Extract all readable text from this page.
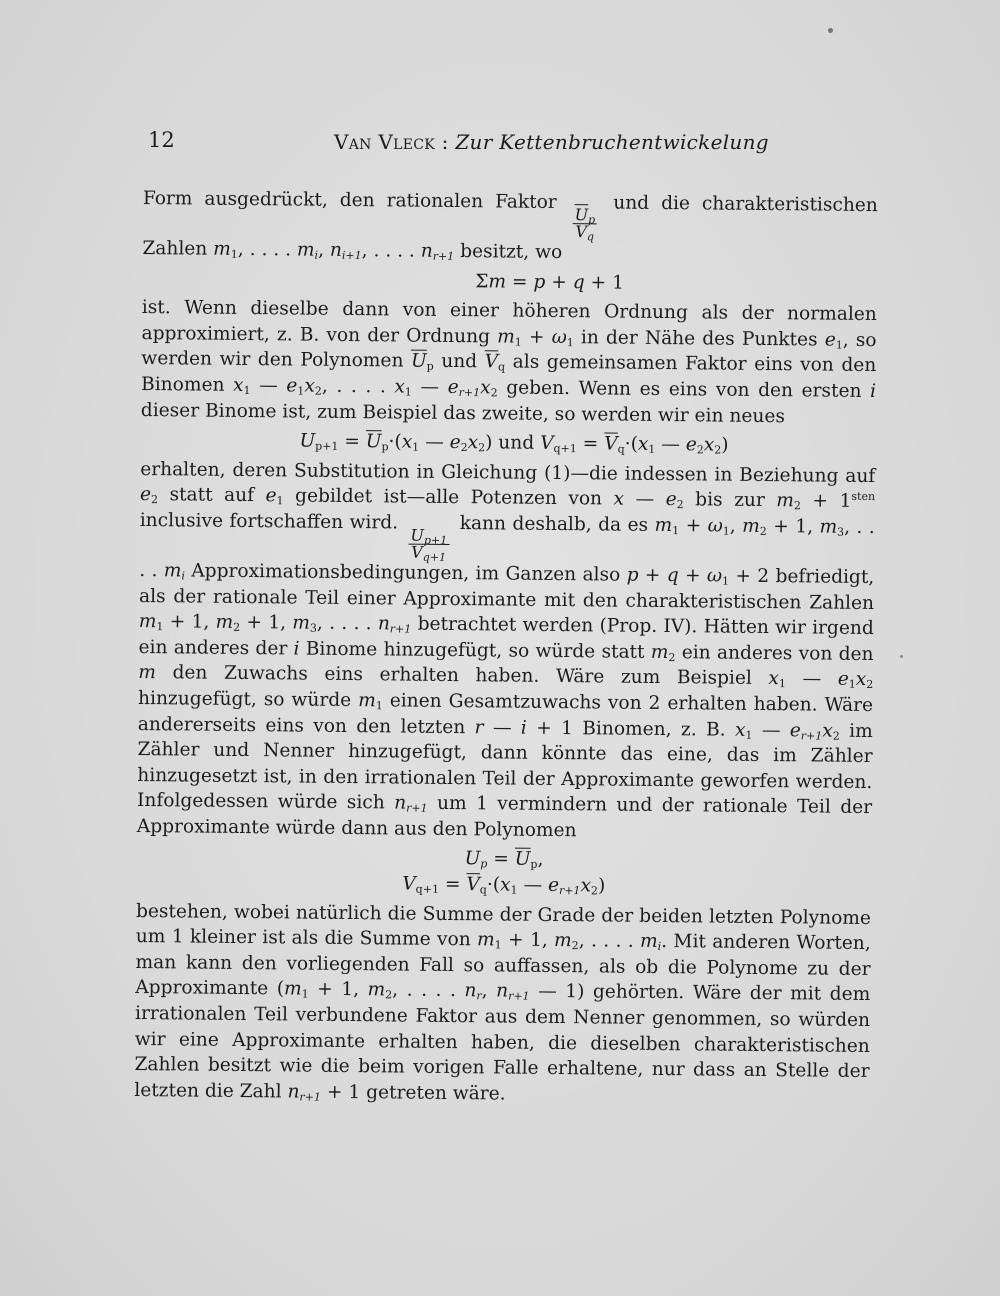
12	Van Vleck : Zur Kettenbruchentwickelung

Form ausgedrückt, den rationalen Faktor
$\frac{\overline{U}_p}{V_q}$
und die charakteristischen Zahlen $m_1$, . . . . $m_i$, $n_{i+1}$, . . . . $n_{r+1}$ besitzt, wo

Σm = p + q + 1

ist. Wenn dieselbe dann von einer höheren Ordnung als der normalen approximiert, z. B. von der Ordnung $m_1 + \omega_1$ in der Nähe des Punktes $e_1$, so werden wir den Polynomen $\overline{U}_p$ und $\overline{V}_q$ als gemeinsamen Faktor eins von den Binomen $x_1$ — $e_1x_2$, . . . . $x_1$ — $e_{r+1}x_2$ geben. Wenn es eins von den ersten i dieser Binome ist, zum Beispiel das zweite, so werden wir ein neues

$U_{p+1} = \overline{U}_p\cdot(x_1$ — $e_2x_2$) und $V_{q+1} = \overline{V}_q\cdot(x_1$ — $e_2x_2$)

erhalten, deren Substitution in Gleichung (1)—die indessen in Beziehung auf $e_2$ statt auf $e_1$ gebildet ist—alle Potenzen von x — $e_2$ bis zur $m_2 + 1^{sten}$ inclusive fortschaffen wird.
$\frac{U_{p+1}}{V_{q+1}}$
kann deshalb, da es $m_1 + \omega_1$, $m_2 + 1$, $m_3$, . . . . $m_i$ Approximationsbedingungen, im Ganzen also $p + q + \omega_1 + 2$ befriedigt, als der rationale Teil einer Approximante mit den charakteristischen Zahlen $m_1 + 1$, $m_2 + 1$, $m_3$, . . . . $n_{r+1}$ betrachtet werden (Prop. IV). Hätten wir irgend ein anderes der i Binome hinzugefügt, so würde statt $m_2$ ein anderes von den m den Zuwachs eins erhalten haben. Wäre zum Beispiel $x_1$ — $e_1x_2$ hinzugefügt, so würde $m_1$ einen Gesamtzuwachs von 2 erhalten haben. Wäre andererseits eins von den letzten r — i + 1 Binomen, z. B. $x_1$ — $e_{r+1}x_2$ im Zähler und Nenner hinzugefügt, dann könnte das eine, das im Zähler hinzugesetzt ist, in den irrationalen Teil der Approximante geworfen werden. Infolgedessen würde sich $n_{r+1}$ um 1 vermindern und der rationale Teil der Approximante würde dann aus den Polynomen

$U_p = \overline{U}_p$,
$V_{q+1} = \overline{V}_q\cdot(x_1$ — $e_{r+1}x_2$)

bestehen, wobei natürlich die Summe der Grade der beiden letzten Polynome um 1 kleiner ist als die Summe von $m_1 + 1$, $m_2$, . . . . $m_i$. Mit anderen Worten, man kann den vorliegenden Fall so auffassen, als ob die Polynome zu der Approximante ($m_1 + 1$, $m_2$, . . . . $n_r$, $n_{r+1}$ — 1) gehörten. Wäre der mit dem irrationalen Teil verbundene Faktor aus dem Nenner genommen, so würden wir eine Approximante erhalten haben, die dieselben charakteristischen Zahlen besitzt wie die beim vorigen Falle erhaltene, nur dass an Stelle der letzten die Zahl $n_{r+1} + 1$ getreten wäre.
